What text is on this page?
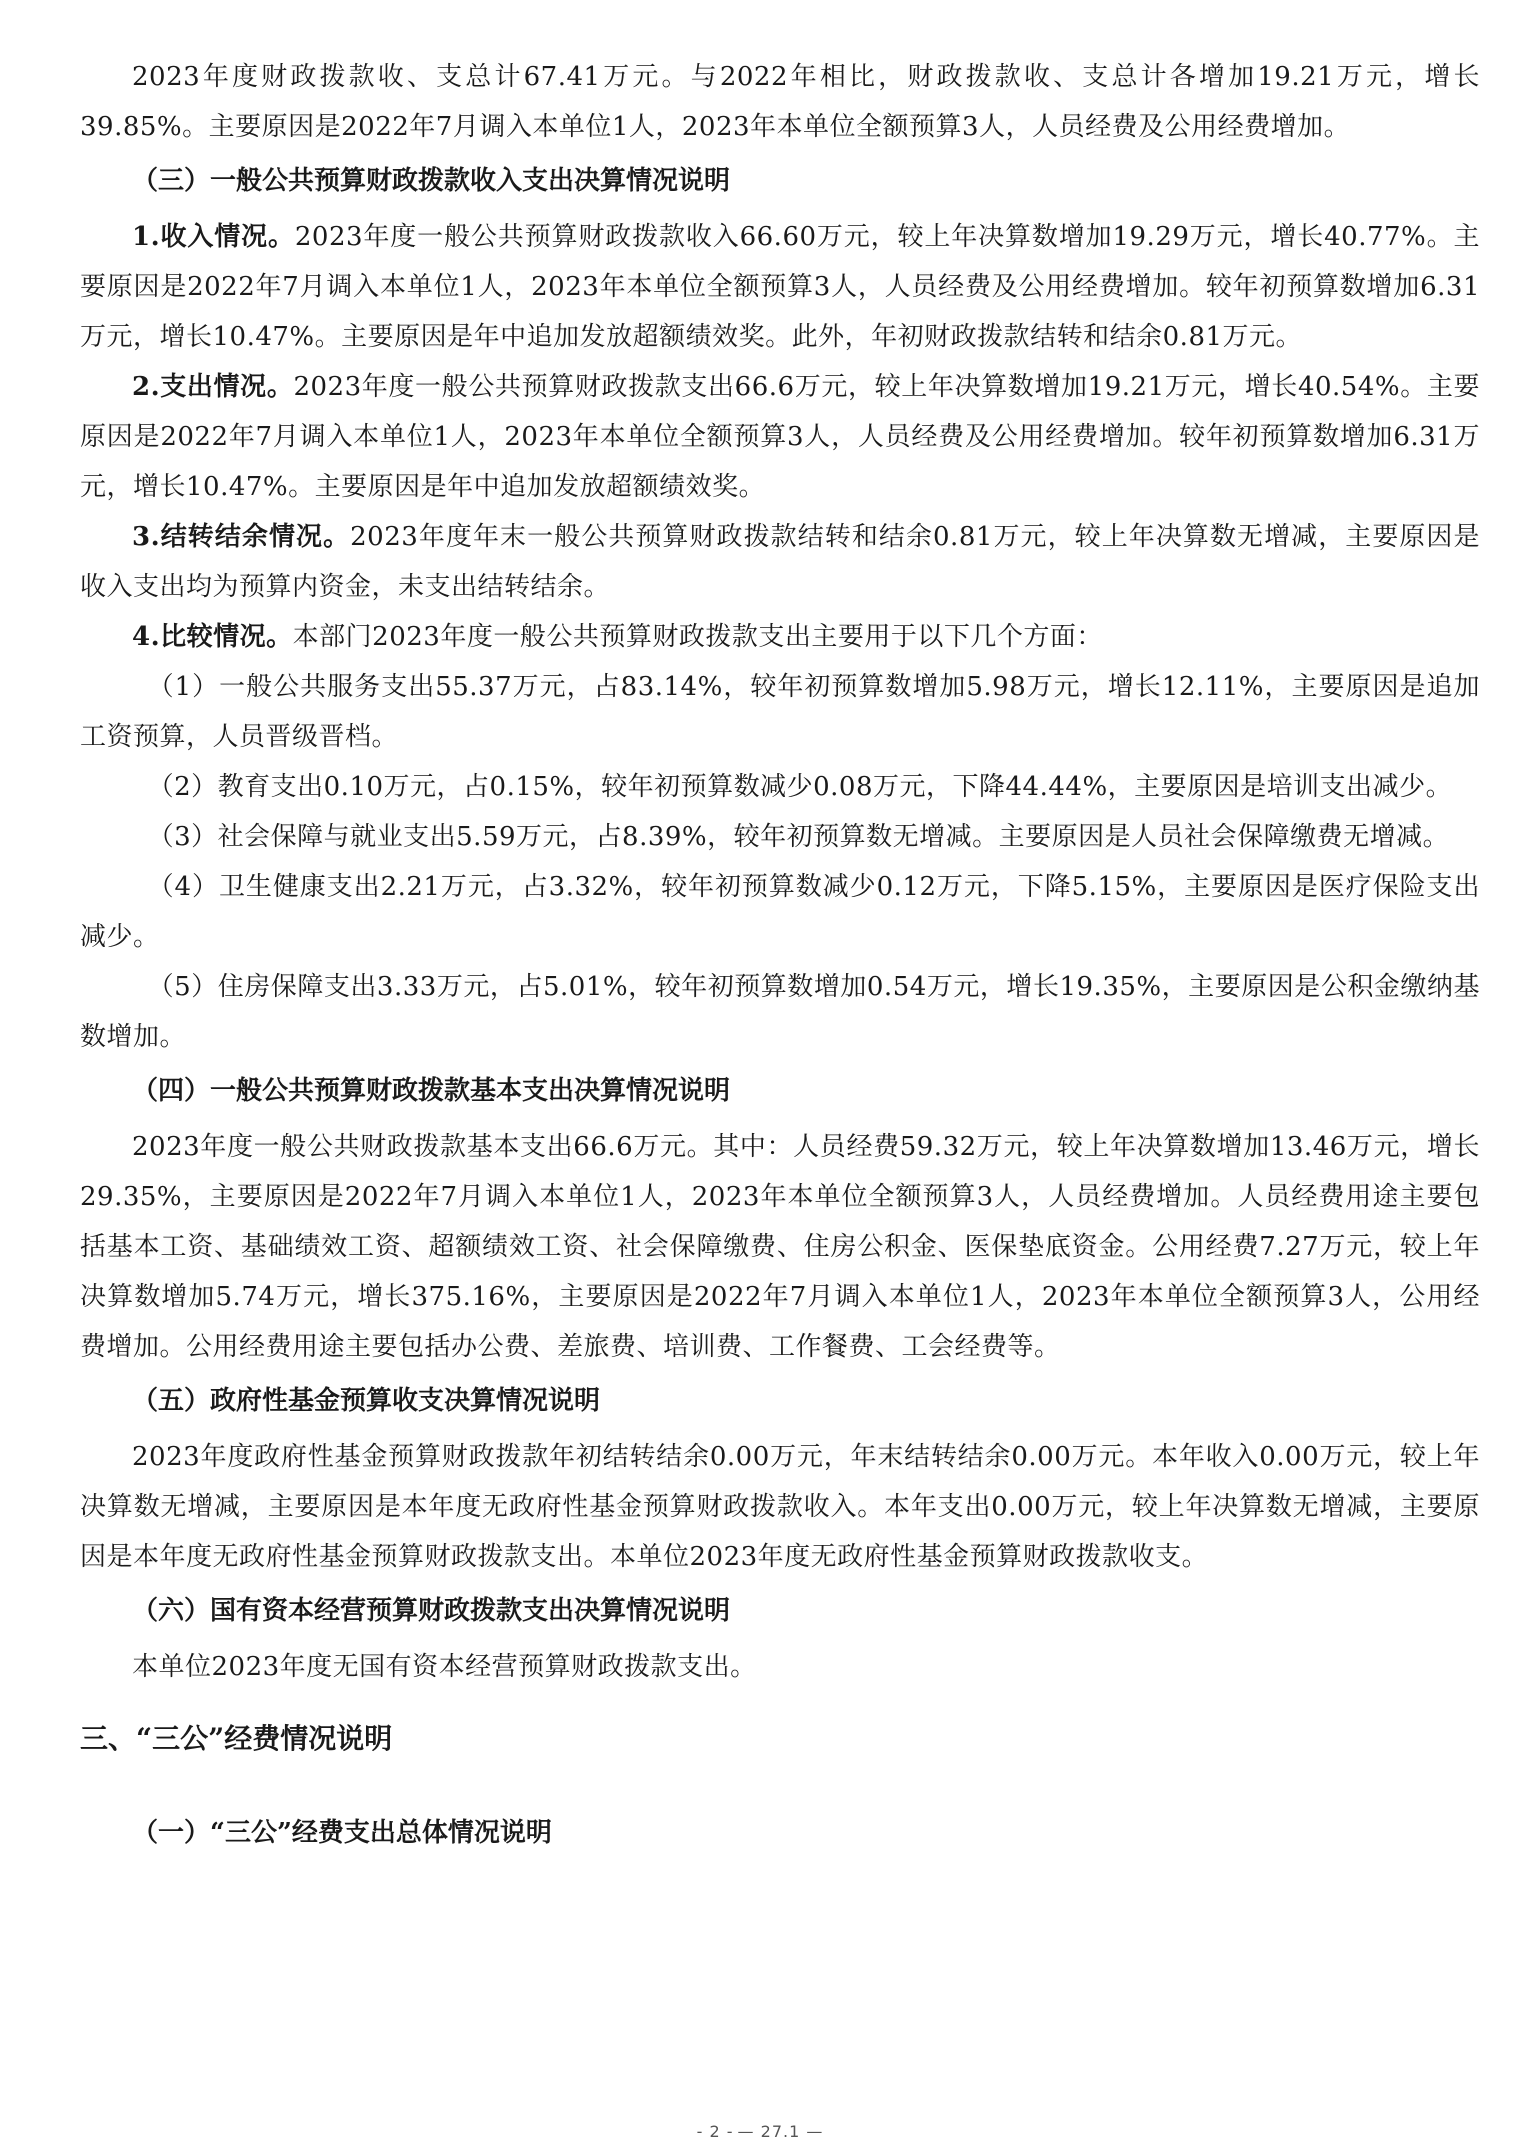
2023年度财政拨款收、支总计67.41万元。与2022年相比，财政拨款收、支总计各增加19.21万元，增长39.85%。主要原因是2022年7月调入本单位1人，2023年本单位全额预算3人，人员经费及公用经费增加。

（三）一般公共预算财政拨款收入支出决算情况说明

1.收入情况。2023年度一般公共预算财政拨款收入66.60万元，较上年决算数增加19.29万元，增长40.77%。主要原因是2022年7月调入本单位1人，2023年本单位全额预算3人，人员经费及公用经费增加。较年初预算数增加6.31万元，增长10.47%。主要原因是年中追加发放超额绩效奖。此外，年初财政拨款结转和结余0.81万元。

2.支出情况。2023年度一般公共预算财政拨款支出66.6万元，较上年决算数增加19.21万元，增长40.54%。主要原因是2022年7月调入本单位1人，2023年本单位全额预算3人，人员经费及公用经费增加。较年初预算数增加6.31万元，增长10.47%。主要原因是年中追加发放超额绩效奖。

3.结转结余情况。2023年度年末一般公共预算财政拨款结转和结余0.81万元，较上年决算数无增减，主要原因是收入支出均为预算内资金，未支出结转结余。

4.比较情况。本部门2023年度一般公共预算财政拨款支出主要用于以下几个方面：

（1）一般公共服务支出55.37万元，占83.14%，较年初预算数增加5.98万元，增长12.11%，主要原因是追加工资预算，人员晋级晋档。

（2）教育支出0.10万元，占0.15%，较年初预算数减少0.08万元，下降44.44%，主要原因是培训支出减少。

（3）社会保障与就业支出5.59万元，占8.39%，较年初预算数无增减。主要原因是人员社会保障缴费无增减。

（4）卫生健康支出2.21万元，占3.32%，较年初预算数减少0.12万元，下降5.15%，主要原因是医疗保险支出减少。

（5）住房保障支出3.33万元，占5.01%，较年初预算数增加0.54万元，增长19.35%，主要原因是公积金缴纳基数增加。

（四）一般公共预算财政拨款基本支出决算情况说明

2023年度一般公共财政拨款基本支出66.6万元。其中：人员经费59.32万元，较上年决算数增加13.46万元，增长29.35%，主要原因是2022年7月调入本单位1人，2023年本单位全额预算3人，人员经费增加。人员经费用途主要包括基本工资、基础绩效工资、超额绩效工资、社会保障缴费、住房公积金、医保垫底资金。公用经费7.27万元，较上年决算数增加5.74万元，增长375.16%，主要原因是2022年7月调入本单位1人，2023年本单位全额预算3人，公用经费增加。公用经费用途主要包括办公费、差旅费、培训费、工作餐费、工会经费等。

（五）政府性基金预算收支决算情况说明

2023年度政府性基金预算财政拨款年初结转结余0.00万元，年末结转结余0.00万元。本年收入0.00万元，较上年决算数无增减，主要原因是本年度无政府性基金预算财政拨款收入。本年支出0.00万元，较上年决算数无增减，主要原因是本年度无政府性基金预算财政拨款支出。本单位2023年度无政府性基金预算财政拨款收支。

（六）国有资本经营预算财政拨款支出决算情况说明

本单位2023年度无国有资本经营预算财政拨款支出。

三、“三公”经费情况说明
（一）“三公”经费支出总体情况说明
- 2 - — 27.1 —
